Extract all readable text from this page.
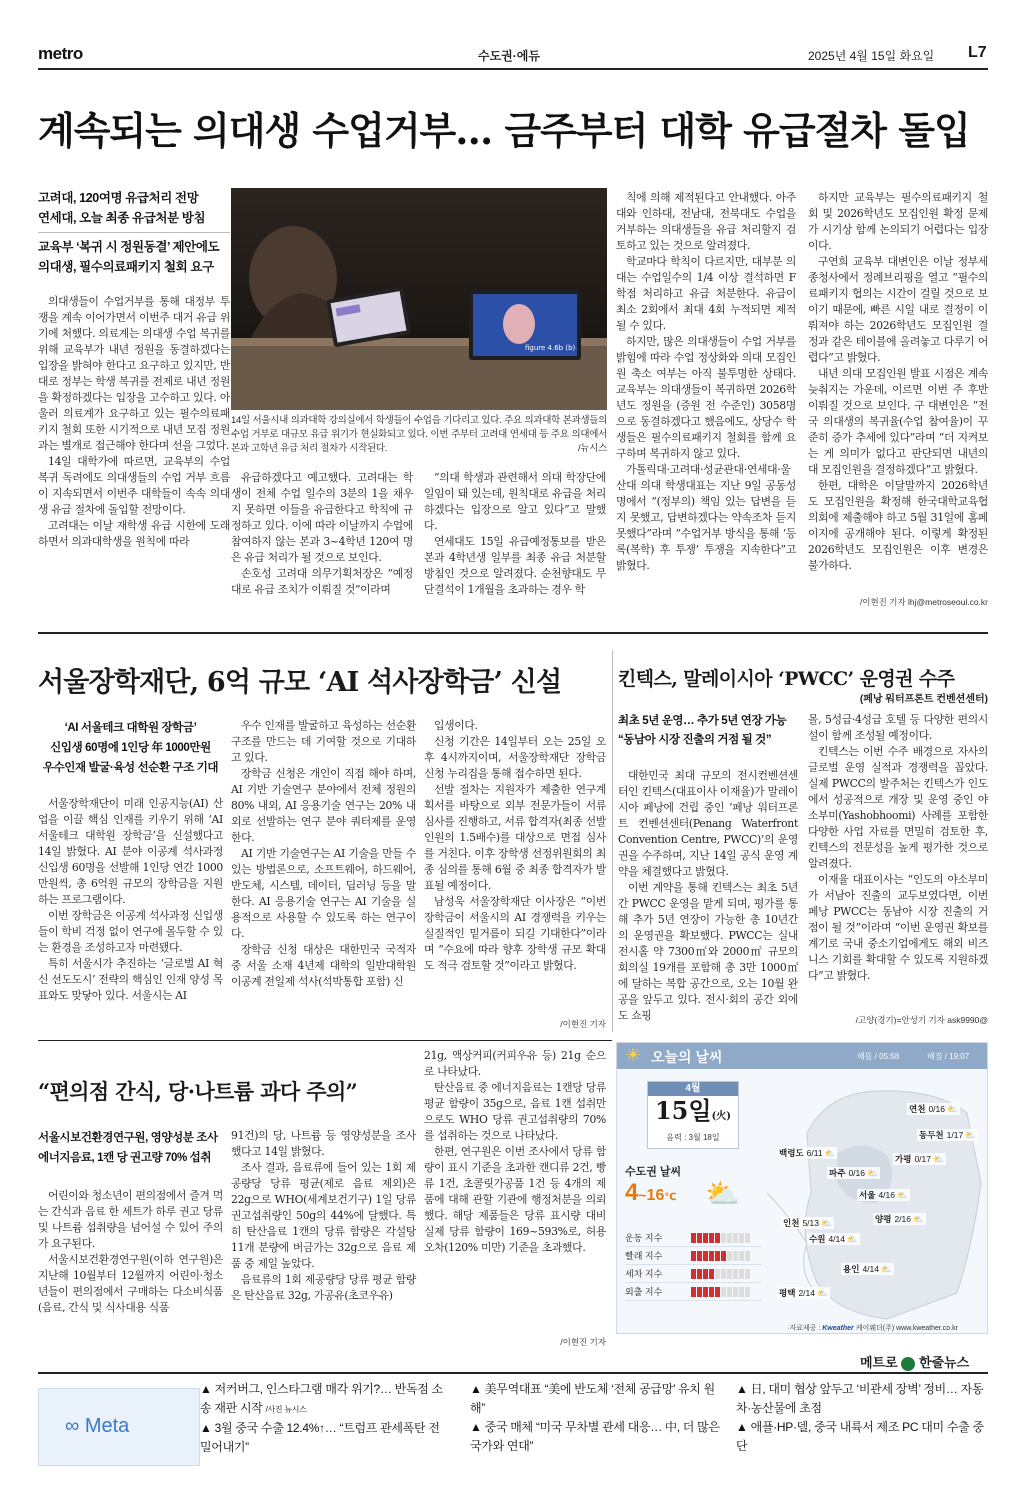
metro	수도권·에듀	2025년 4월 15일 화요일 L7
계속되는 의대생 수업거부… 금주부터 대학 유급절차 돌입
고려대, 120여명 유급처리 전망
연세대, 오늘 최종 유급처분 방침
교육부 ‘복귀 시 정원동결’ 제안에도
의대생, 필수의료패키지 철회 요구

의대생들이 수업거부를 통해 대정부 투쟁을 계속 이어가면서 이번주 대거 유급 위기에 처했다. 의료계는 의대생 수업 복귀를 위해 교육부가 내년 정원을 동결하겠다는 입장을 밝혀야 한다고 요구하고 있지만, 반대로 정부는 학생 복귀를 전제로 내년 정원을 확정하겠다는 입장을 고수하고 있다. 아울러 의료계가 요구하고 있는 필수의료패키지 철회 또한 시기적으로 내년 모집 정원과는 별개로 접근해야 한다며 선을 그었다.

14일 대학가에 따르면, 교육부의 수업 복귀 독려에도 의대생들의 수업 거부 흐름이 지속되면서 이번주 대학들이 속속 의대생 유급 절차에 돌입할 전망이다.

고려대는 이날 재학생 유급 시한에 도래하면서 의과대학생을 원칙에 따라

figure 4.6b (b)
14일 서울시내 의과대학 강의실에서 학생들이 수업을 기다리고 있다. 주요 의과대학 본과생들의 수업 거부로 대규모 유급 위기가 현실화되고 있다. 이번 주부터 고려대 연세대 등 주요 의대에서 본과 고학년 유급 처리 절차가 시작된다.	/뉴시스

유급하겠다고 예고했다. 고려대는 학생이 전체 수업 일수의 3분의 1을 채우지 못하면 이들을 유급한다고 학칙에 규정하고 있다. 이에 따라 이날까지 수업에 참여하지 않는 본과 3~4학년 120여 명은 유급 처리가 될 것으로 보인다.

손호성 고려대 의무기획처장은 “예정대로 유급 조치가 이뤄질 것”이라며

“의대 학생과 관련해서 의대 학장단에 일임이 돼 있는데, 원칙대로 유급을 처리하겠다는 입장으로 알고 있다”고 말했다.

연세대도 15일 유급예정통보를 받은 본과 4학년생 일부를 최종 유급 처분할 방침인 것으로 알려졌다. 순천향대도 무단결석이 1개월을 초과하는 경우 학

칙에 의해 제적된다고 안내했다. 아주대와 인하대, 전남대, 전북대도 수업을 거부하는 의대생들을 유급 처리할지 검토하고 있는 것으로 알려졌다.

학교마다 학칙이 다르지만, 대부분 의대는 수업일수의 1/4 이상 결석하면 F학점 처리하고 유급 처분한다. 유급이 최소 2회에서 최대 4회 누적되면 제적될 수 있다.

하지만, 많은 의대생들이 수업 거부를 밝힘에 따라 수업 정상화와 의대 모집인원 축소 여부는 아직 불투명한 상태다. 교육부는 의대생들이 복귀하면 2026학년도 정원을 (증원 전 수준인) 3058명으로 동결하겠다고 했음에도, 상당수 학생들은 필수의료패키지 철회를 함께 요구하며 복귀하지 않고 있다.

가톨릭대·고려대·성균관대·연세대·울산대 의대 학생대표는 지난 9일 공동성명에서 “(정부의) 책임 있는 답변을 듣지 못했고, 답변하겠다는 약속조차 듣지 못했다”라며 “수업거부 방식을 통해 ‘등록(복학) 후 투쟁’ 투쟁을 지속한다”고 밝혔다.

하지만 교육부는 필수의료패키지 철회 및 2026학년도 모집인원 확정 문제가 시기상 함께 논의되기 어렵다는 입장이다.

구연희 교육부 대변인은 이날 정부세종청사에서 정례브리핑을 열고 “필수의료패키지 협의는 시간이 걸릴 것으로 보이기 때문에, 빠른 시일 내로 결정이 이뤄져야 하는 2026학년도 모집인원 결정과 같은 테이블에 올려놓고 다루기 어렵다”고 밝혔다.

내년 의대 모집인원 발표 시점은 계속 늦춰지는 가운데, 이르면 이번 주 후반 이뤄질 것으로 보인다. 구 대변인은 “전국 의대생의 복귀율(수업 참여율)이 꾸준히 증가 추세에 있다”라며 “더 지켜보는 게 의미가 없다고 판단되면 내년의 대 모집인원을 결정하겠다”고 밝혔다.

한편, 대학은 이달말까지 2026학년도 모집인원을 확정해 한국대학교육협의회에 제출해야 하고 5월 31일에 홈페이지에 공개해야 된다. 이렇게 확정된 2026학년도 모집인원은 이후 변경은 불가하다.

/이현진 기자 lhj@metroseoul.co.kr
서울장학재단, 6억 규모 ‘AI 석사장학금’ 신설
‘AI 서울테크 대학원 장학금’
신입생 60명에 1인당 年 1000만원
우수인재 발굴·육성 선순환 구조 기대

서울장학재단이 미래 인공지능(AI) 산업을 이끌 핵심 인재를 키우기 위해 ‘AI 서울테크 대학원 장학금’을 신설했다고 14일 밝혔다. AI 분야 이공계 석사과정 신입생 60명을 선발해 1인당 연간 1000만원씩, 총 6억원 규모의 장학금을 지원하는 프로그램이다.

이번 장학금은 이공계 석사과정 신입생들이 학비 걱정 없이 연구에 몰두할 수 있는 환경을 조성하고자 마련됐다.

특히 서울시가 추진하는 ‘글로벌 AI 혁신 선도도시’ 전략의 핵심인 인재 양성 목표와도 맞닿아 있다. 서울시는 AI

우수 인재를 발굴하고 육성하는 선순환 구조를 만드는 데 기여할 것으로 기대하고 있다.

장학금 신청은 개인이 직접 해야 하며, AI 기반 기술연구 분야에서 전체 정원의 80% 내외, AI 응용기술 연구는 20% 내외로 선발하는 연구 분야 쿼터제를 운영한다.

AI 기반 기술연구는 AI 기술을 만들 수 있는 방법론으로, 소프트웨어, 하드웨어, 반도체, 시스템, 데이터, 딥러닝 등을 말한다. AI 응용기술 연구는 AI 기술을 실용적으로 사용할 수 있도록 하는 연구이다.

장학금 신청 대상은 대한민국 국적자 중 서울 소재 4년제 대학의 일반대학원 이공계 전일제 석사(석박통합 포함) 신

입생이다.

신청 기간은 14일부터 오는 25일 오후 4시까지이며, 서울장학재단 장학금 신청 누리집을 통해 접수하면 된다.

선발 절차는 지원자가 제출한 연구계획서를 바탕으로 외부 전문가들이 서류심사를 진행하고, 서류 합격자(최종 선발인원의 1.5배수)를 대상으로 면접 심사를 거친다. 이후 장학생 선정위원회의 최종 심의를 통해 6월 중 최종 합격자가 발표될 예정이다.

남성욱 서울장학재단 이사장은 “이번 장학금이 서울시의 AI 경쟁력을 키우는 실질적인 밑거름이 되길 기대한다”이라며 “수요에 따라 향후 장학생 규모 확대도 적극 검토할 것”이라고 밝혔다.

/이현진 기자
킨텍스, 말레이시아 ‘PWCC’ 운영권 수주
(페낭 워터프론트 컨벤션센터)
최초 5년 운영… 추가 5년 연장 가능
“동남아 시장 진출의 거점 될 것”

대한민국 최대 규모의 전시컨벤션센터인 킨텍스(대표이사 이재율)가 말레이시아 페낭에 건립 중인 ‘페낭 워터프론트 컨벤션센터(Penang Waterfront Convention Centre, PWCC)’의 운영권을 수주하며, 지난 14일 공식 운영 계약을 체결했다고 밝혔다.

이번 계약을 통해 킨텍스는 최초 5년간 PWCC 운영을 맡게 되며, 평가를 통해 추가 5년 연장이 가능한 총 10년간의 운영권을 확보했다. PWCC는 실내 전시홀 약 7300㎡와 2000㎡ 규모의 회의실 19개를 포함해 총 3만 1000㎡에 달하는 복합 공간으로, 오는 10월 완공을 앞두고 있다. 전시·회의 공간 외에도 쇼핑

몰, 5성급·4성급 호텔 등 다양한 편의시설이 함께 조성될 예정이다.

킨텍스는 이번 수주 배경으로 자사의 글로벌 운영 실적과 경쟁력을 꼽았다. 실제 PWCC의 발주처는 킨텍스가 인도에서 성공적으로 개장 및 운영 중인 야소부미(Yashobhoomi) 사례를 포함한 다양한 사업 자료를 면밀히 검토한 후, 킨텍스의 전문성을 높게 평가한 것으로 알려졌다.

이재율 대표이사는 “인도의 야소부미가 서남아 진출의 교두보였다면, 이번 페낭 PWCC는 동남아 시장 진출의 거점이 될 것”이라며 “이번 운영권 확보를 계기로 국내 중소기업에게도 해외 비즈니스 기회를 확대할 수 있도록 지원하겠다”고 밝혔다.

/고양(경기)=안성기 기자 ask9990@
“편의점 간식, 당·나트륨 과다 주의”
서울시보건환경연구원, 영양성분 조사
에너지음료, 1캔 당 권고량 70% 섭취

어린이와 청소년이 편의점에서 즐겨 먹는 간식과 음료 한 세트가 하루 권고 당류 및 나트륨 섭취량을 넘어설 수 있어 주의가 요구된다.

서울시보건환경연구원(이하 연구원)은 지난해 10월부터 12월까지 어린이·청소년들이 편의점에서 구매하는 다소비식품(음료, 간식 및 식사대용 식품

91건)의 당, 나트륨 등 영양성분을 조사했다고 14일 밝혔다.

조사 결과, 음료류에 들어 있는 1회 제공량당 당류 평균(제로 음료 제외)은 22g으로 WHO(세계보건기구) 1일 당류 권고섭취량인 50g의 44%에 달했다. 특히 탄산음료 1캔의 당류 함량은 각설탕 11개 분량에 버금가는 32g으로 음료 제품 중 제일 높았다.

음료류의 1회 제공량당 당류 평균 함량은 탄산음료 32g, 가공유(초코우유)

21g, 액상커피(커피우유 등) 21g 순으로 나타났다.

탄산음료 중 에너지음료는 1캔당 당류 평균 함량이 35g으로, 음료 1캔 섭취만으로도 WHO 당류 권고섭취량의 70%를 섭취하는 것으로 나타났다.

한편, 연구원은 이번 조사에서 당류 함량이 표시 기준을 초과한 캔디류 2건, 빵류 1건, 초콜릿가공품 1건 등 4개의 제품에 대해 관할 기관에 행정처분을 의뢰했다. 해당 제품들은 당류 표시량 대비 실제 당류 함량이 169~593%로, 허용오차(120% 미만) 기준을 초과했다.

/이현진 기자
☀ 오늘의 날씨	해뜸 / 05:58	해짐 / 19:07
4월
15일(火)
음력 : 3월 18일
수도권 날씨
4~16℃ ⛅
운동 지수
빨래 지수
세차 지수
외출 지수
연천 0/16 ⛅
동두천 1/17 ⛅
가평 0/17 ⛅
백령도 6/11 ⛅
파주 0/16 ⛅
서울 4/16 ⛅
양평 2/16 ⛅
인천 5/13 ⛅
수원 4/14 ⛅
용인 4/14 ⛅
평택 2/14 ⛅
·자료제공 : Kweather 케이웨더(주) www.kweather.co.kr
메트로 한줄뉴스
∞ Meta
▲ 저커버그, 인스타그램 매각 위기?… 반독점 소송 재판 시작 /사진 뉴시스
▲ 3월 중국 수출 12.4%↑… “트럼프 관세폭탄 전 밀어내기”
▲ 美무역대표 “美에 반도체 ‘전체 공급망’ 유치 원해”
▲ 중국 매체 “미국 무차별 관세 대응… 中, 더 많은 국가와 연대”
▲ 日, 대미 협상 앞두고 ‘비관세 장벽’ 정비… 자동차·농산물에 초점
▲ 애플·HP·델, 중국 내륙서 제조 PC 대미 수출 중단
